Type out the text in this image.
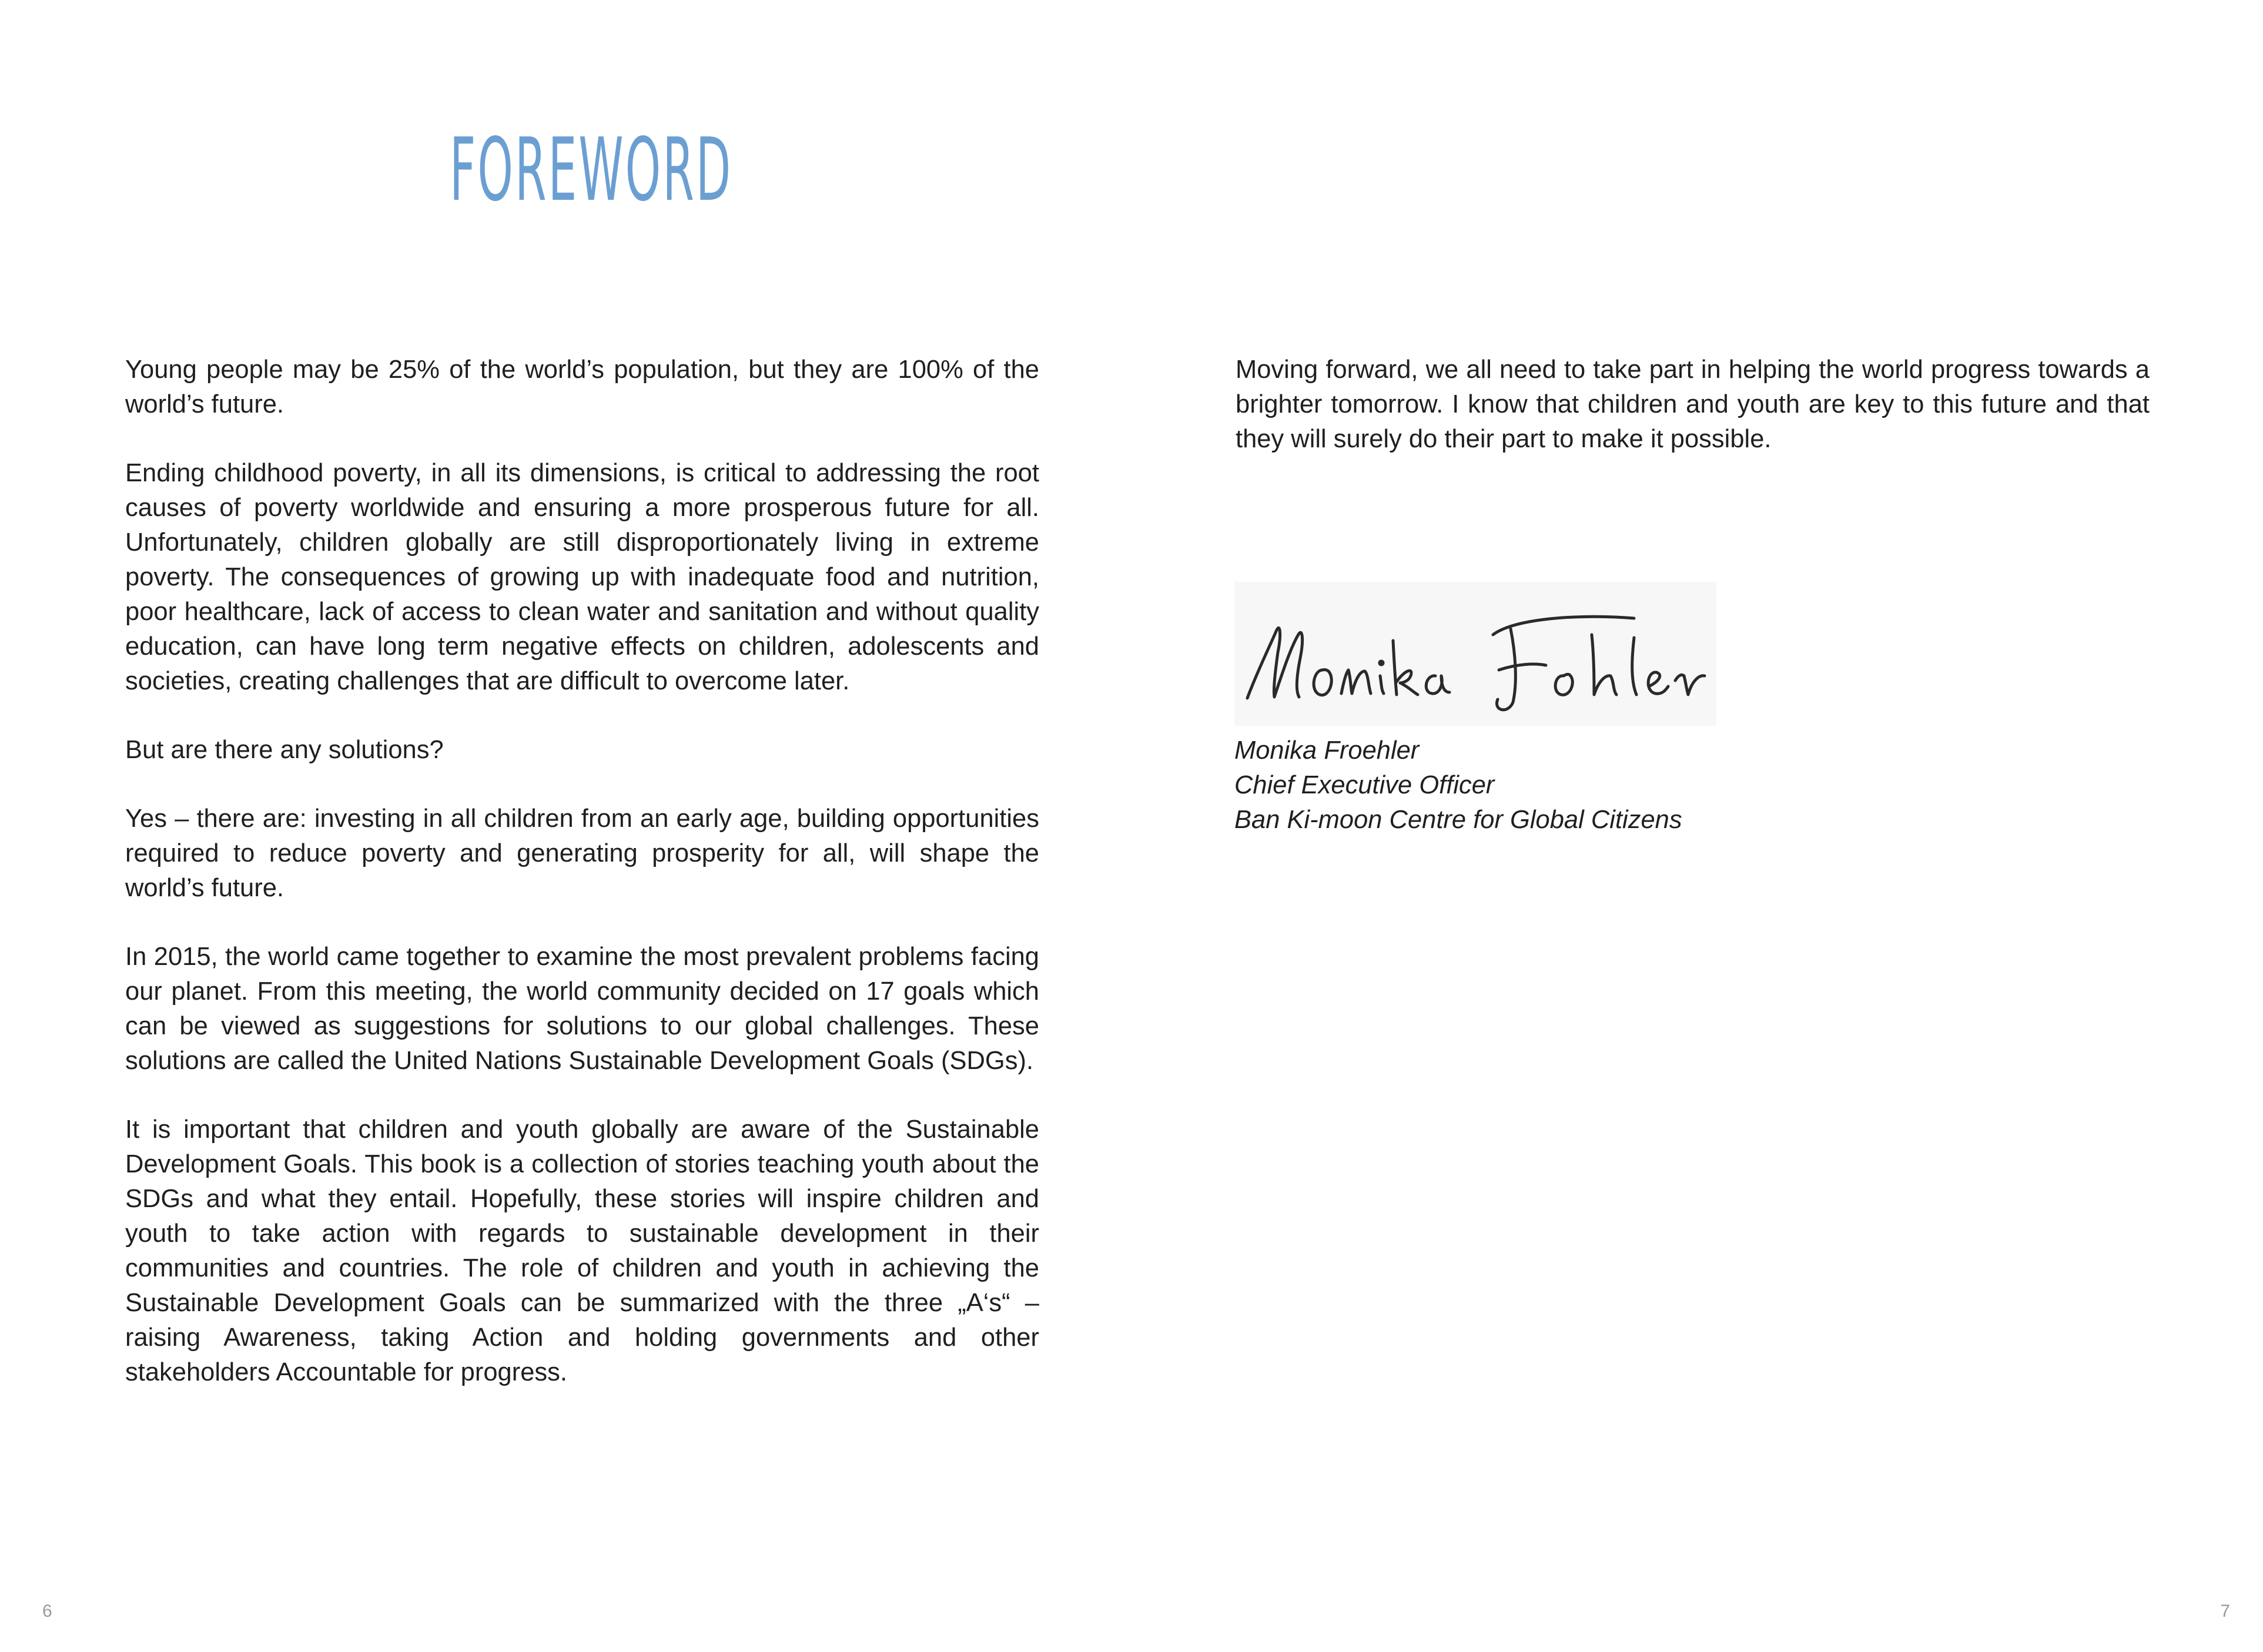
FOREWORD

Young people may be 25% of the world’s population, but they are 100% of the world’s future.

Ending childhood poverty, in all its dimensions, is critical to addressing the root causes of poverty worldwide and ensuring a more prosperous future for all. Unfortunately, children globally are still disproportionately living in extreme poverty. The consequences of growing up with inadequate food and nutrition, poor healthcare, lack of access to clean water and sanitation and without quality education, can have long term negative effects on children, adolescents and societies, creating challenges that are difficult to overcome later.

But are there any solutions?

Yes – there are: investing in all children from an early age, building opportunities required to reduce poverty and generating prosperity for all, will shape the world’s future.

In 2015, the world came together to examine the most prevalent problems facing our planet. From this meeting, the world community decided on 17 goals which can be viewed as suggestions for solutions to our global challenges. These solutions are called the United Nations Sustainable Development Goals (SDGs).

It is important that children and youth globally are aware of the Sustainable Development Goals. This book is a collection of stories teaching youth about the SDGs and what they entail. Hopefully, these stories will inspire children and youth to take action with regards to sustainable development in their communities and countries. The role of children and youth in achieving the Sustainable Development Goals can be summarized with the three „A‘s“ – raising Awareness, taking Action and holding governments and other stakeholders Accountable for progress.

6

Moving forward, we all need to take part in helping the world progress towards a brighter tomorrow. I know that children and youth are key to this future and that they will surely do their part to make it possible.

Monika Froehler
Chief Executive Officer
Ban Ki-moon Centre for Global Citizens
7
